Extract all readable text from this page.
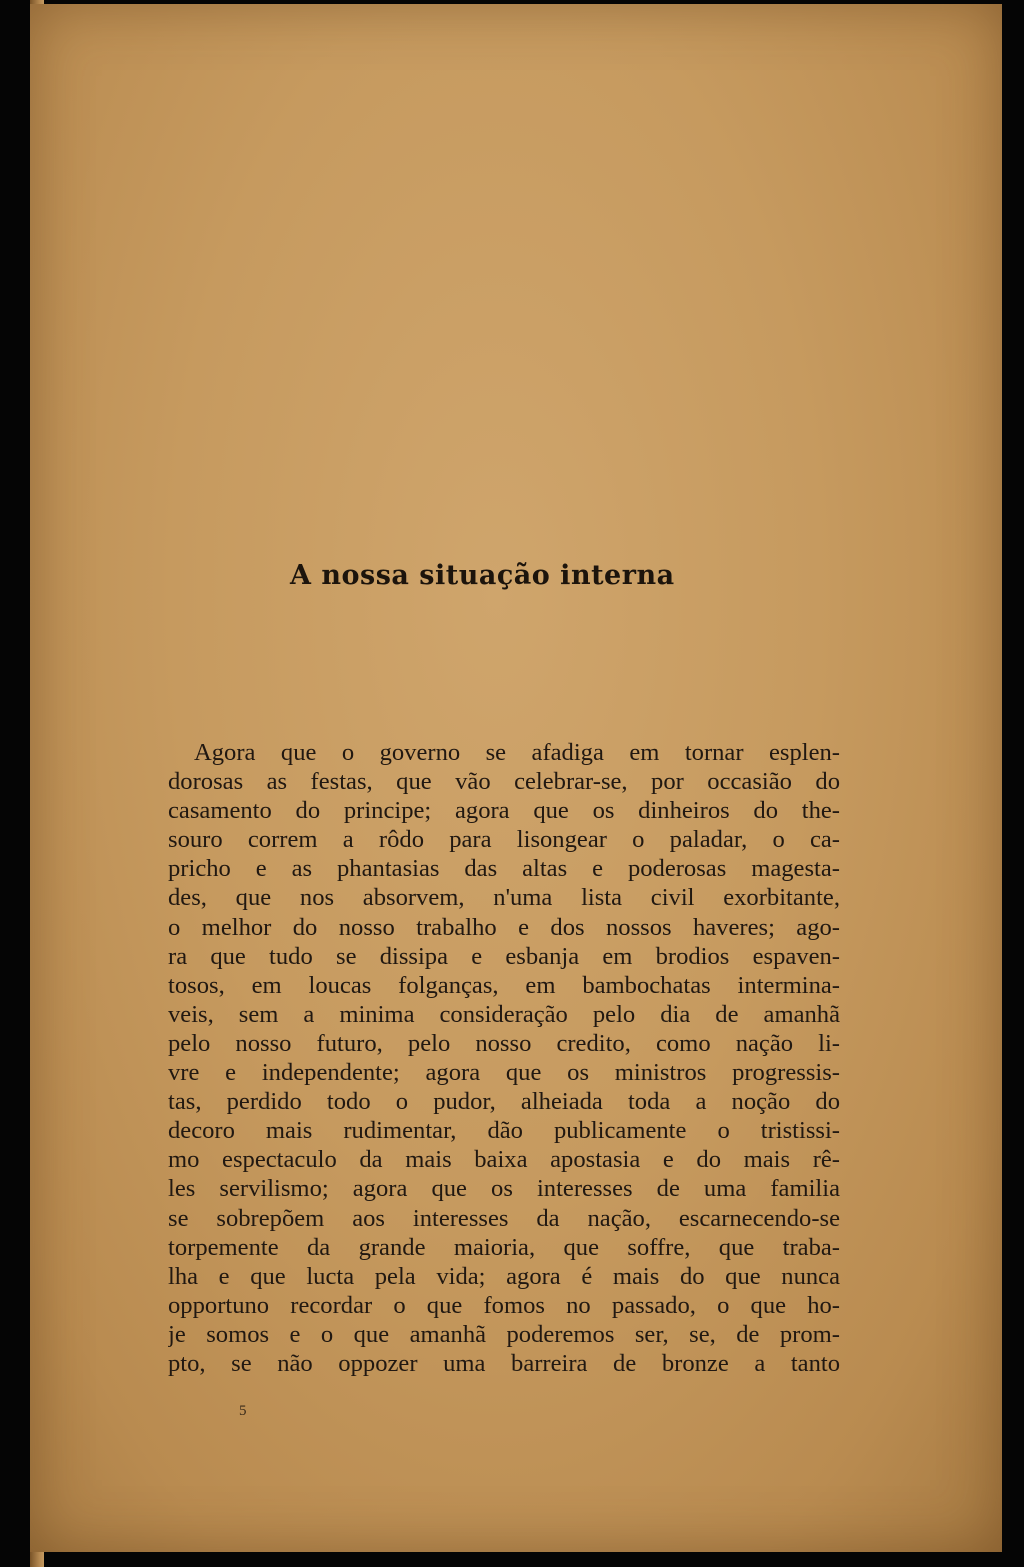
A nossa situação interna
Agora que o governo se afadiga em tornar esplen-
dorosas as festas, que vão celebrar-se, por occasião do
casamento do principe; agora que os dinheiros do the-
souro correm a rôdo para lisongear o paladar, o ca-
pricho e as phantasias das altas e poderosas magesta-
des, que nos absorvem, n'uma lista civil exorbitante,
o melhor do nosso trabalho e dos nossos haveres; ago-
ra que tudo se dissipa e esbanja em brodios espaven-
tosos, em loucas folganças, em bambochatas intermina-
veis, sem a minima consideração pelo dia de amanhã
pelo nosso futuro, pelo nosso credito, como nação li-
vre e independente; agora que os ministros progressis-
tas, perdido todo o pudor, alheiada toda a noção do
decoro mais rudimentar, dão publicamente o tristissi-
mo espectaculo da mais baixa apostasia e do mais rê-
les servilismo; agora que os interesses de uma familia
se sobrepõem aos interesses da nação, escarnecendo-se
torpemente da grande maioria, que soffre, que traba-
lha e que lucta pela vida; agora é mais do que nunca
opportuno recordar o que fomos no passado, o que ho-
je somos e o que amanhã poderemos ser, se, de prom-
pto, se não oppozer uma barreira de bronze a tanto
5
